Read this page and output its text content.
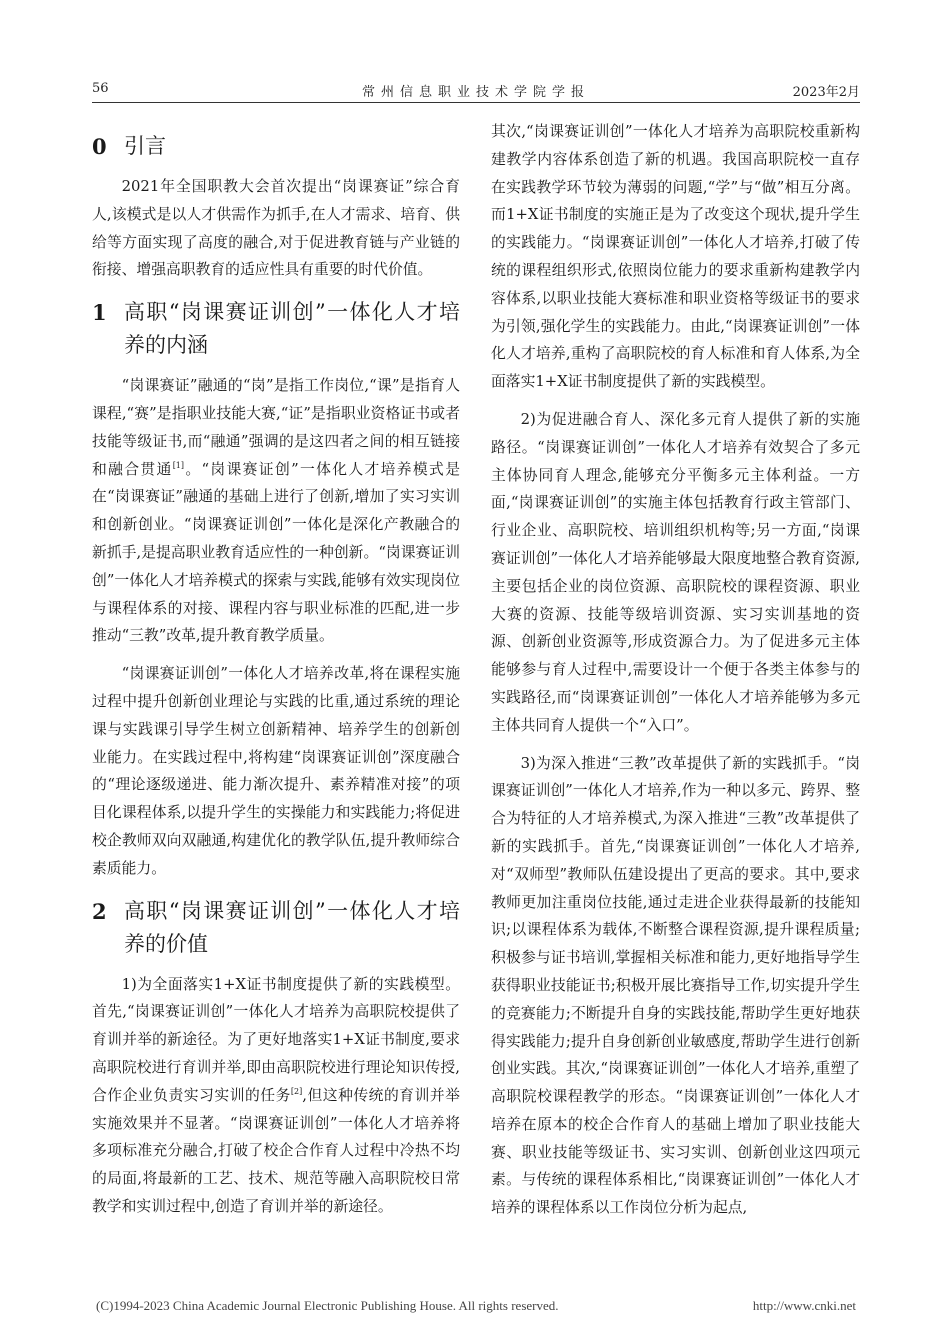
56	常州信息职业技术学院学报	2023年2月
0 引言

2021年全国职教大会首次提出“岗课赛证”综合育人,该模式是以人才供需作为抓手,在人才需求、培育、供给等方面实现了高度的融合,对于促进教育链与产业链的衔接、增强高职教育的适应性具有重要的时代价值。

1 高职“岗课赛证训创”一体化人才培养的内涵

“岗课赛证”融通的“岗”是指工作岗位,“课”是指育人课程,“赛”是指职业技能大赛,“证”是指职业资格证书或者技能等级证书,而“融通”强调的是这四者之间的相互链接和融合贯通[1]。“岗课赛证创”一体化人才培养模式是在“岗课赛证”融通的基础上进行了创新,增加了实习实训和创新创业。“岗课赛证训创”一体化是深化产教融合的新抓手,是提高职业教育适应性的一种创新。“岗课赛证训创”一体化人才培养模式的探索与实践,能够有效实现岗位与课程体系的对接、课程内容与职业标准的匹配,进一步推动“三教”改革,提升教育教学质量。

“岗课赛证训创”一体化人才培养改革,将在课程实施过程中提升创新创业理论与实践的比重,通过系统的理论课与实践课引导学生树立创新精神、培养学生的创新创业能力。在实践过程中,将构建“岗课赛证训创”深度融合的“理论逐级递进、能力渐次提升、素养精准对接”的项目化课程体系,以提升学生的实操能力和实践能力;将促进校企教师双向双融通,构建优化的教学队伍,提升教师综合素质能力。

2 高职“岗课赛证训创”一体化人才培养的价值

1)为全面落实1+X证书制度提供了新的实践模型。首先,“岗课赛证训创”一体化人才培养为高职院校提供了育训并举的新途径。为了更好地落实1+X证书制度,要求高职院校进行育训并举,即由高职院校进行理论知识传授,合作企业负责实习实训的任务[2],但这种传统的育训并举实施效果并不显著。“岗课赛证训创”一体化人才培养将多项标准充分融合,打破了校企合作育人过程中冷热不均的局面,将最新的工艺、技术、规范等融入高职院校日常教学和实训过程中,创造了育训并举的新途径。

其次,“岗课赛证训创”一体化人才培养为高职院校重新构建教学内容体系创造了新的机遇。我国高职院校一直存在实践教学环节较为薄弱的问题,“学”与“做”相互分离。而1+X证书制度的实施正是为了改变这个现状,提升学生的实践能力。“岗课赛证训创”一体化人才培养,打破了传统的课程组织形式,依照岗位能力的要求重新构建教学内容体系,以职业技能大赛标准和职业资格等级证书的要求为引领,强化学生的实践能力。由此,“岗课赛证训创”一体化人才培养,重构了高职院校的育人标准和育人体系,为全面落实1+X证书制度提供了新的实践模型。

2)为促进融合育人、深化多元育人提供了新的实施路径。“岗课赛证训创”一体化人才培养有效契合了多元主体协同育人理念,能够充分平衡多元主体利益。一方面,“岗课赛证训创”的实施主体包括教育行政主管部门、行业企业、高职院校、培训组织机构等;另一方面,“岗课赛证训创”一体化人才培养能够最大限度地整合教育资源,主要包括企业的岗位资源、高职院校的课程资源、职业大赛的资源、技能等级培训资源、实习实训基地的资源、创新创业资源等,形成资源合力。为了促进多元主体能够参与育人过程中,需要设计一个便于各类主体参与的实践路径,而“岗课赛证训创”一体化人才培养能够为多元主体共同育人提供一个“入口”。

3)为深入推进“三教”改革提供了新的实践抓手。“岗课赛证训创”一体化人才培养,作为一种以多元、跨界、整合为特征的人才培养模式,为深入推进“三教”改革提供了新的实践抓手。首先,“岗课赛证训创”一体化人才培养,对“双师型”教师队伍建设提出了更高的要求。其中,要求教师更加注重岗位技能,通过走进企业获得最新的技能知识;以课程体系为载体,不断整合课程资源,提升课程质量;积极参与证书培训,掌握相关标准和能力,更好地指导学生获得职业技能证书;积极开展比赛指导工作,切实提升学生的竞赛能力;不断提升自身的实践技能,帮助学生更好地获得实践能力;提升自身创新创业敏感度,帮助学生进行创新创业实践。其次,“岗课赛证训创”一体化人才培养,重塑了高职院校课程教学的形态。“岗课赛证训创”一体化人才培养在原本的校企合作育人的基础上增加了职业技能大赛、职业技能等级证书、实习实训、创新创业这四项元素。与传统的课程体系相比,“岗课赛证训创”一体化人才培养的课程体系以工作岗位分析为起点,

(C)1994-2023 China Academic Journal Electronic Publishing House. All rights reserved.	http://www.cnki.net
